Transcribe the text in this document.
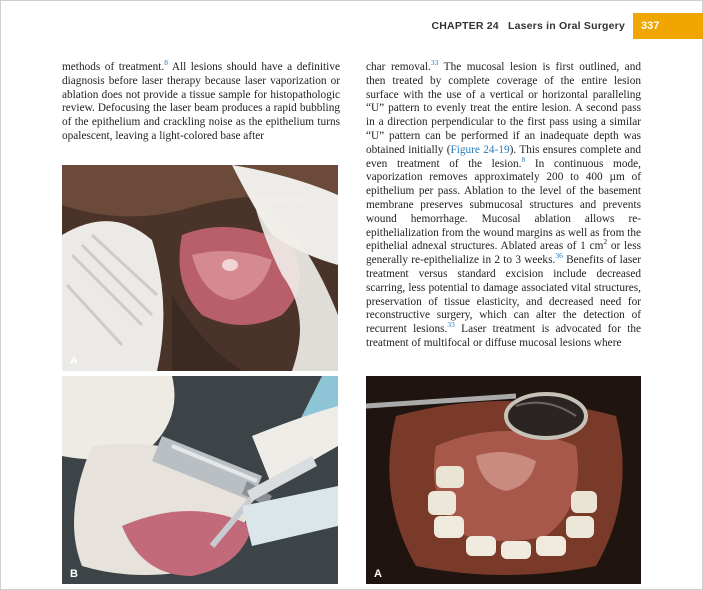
CHAPTER 24 Lasers in Oral Surgery	337

methods of treatment.$^8$ All lesions should have a definitive diagnosis before laser therapy because laser vaporization or ablation does not provide a tissue sample for histopathologic review. Defocusing the laser beam produces a rapid bubbling of the epithelium and crackling noise as the epithelium turns opalescent, leaving a light-colored base after

char removal.$^{33}$ The mucosal lesion is first outlined, and then treated by complete coverage of the entire lesion surface with the use of a vertical or horizontal paralleling “U” pattern to evenly treat the entire lesion. A second pass in a direction perpendicular to the first pass using a similar “U” pattern can be performed if an inadequate depth was obtained initially (Figure 24-19). This ensures complete and even treatment of the lesion.$^8$ In continuous mode, vaporization removes approximately 200 to 400 µm of epithelium per pass. Ablation to the level of the basement membrane preserves submucosal structures and prevents wound hemorrhage. Mucosal ablation allows re-epithelialization from the wound margins as well as from the epithelial adnexal structures. Ablated areas of 1 $cm^2$ or less generally re-epithelialize in 2 to 3 weeks.$^{36}$ Benefits of laser treatment versus standard excision include decreased scarring, less potential to damage associated vital structures, preservation of tissue elasticity, and decreased need for reconstructive surgery, which can alter the detection of recurrent lesions.$^{33}$ Laser treatment is advocated for the treatment of multifocal or diffuse mucosal lesions where

Screen Snip
A
B	A
